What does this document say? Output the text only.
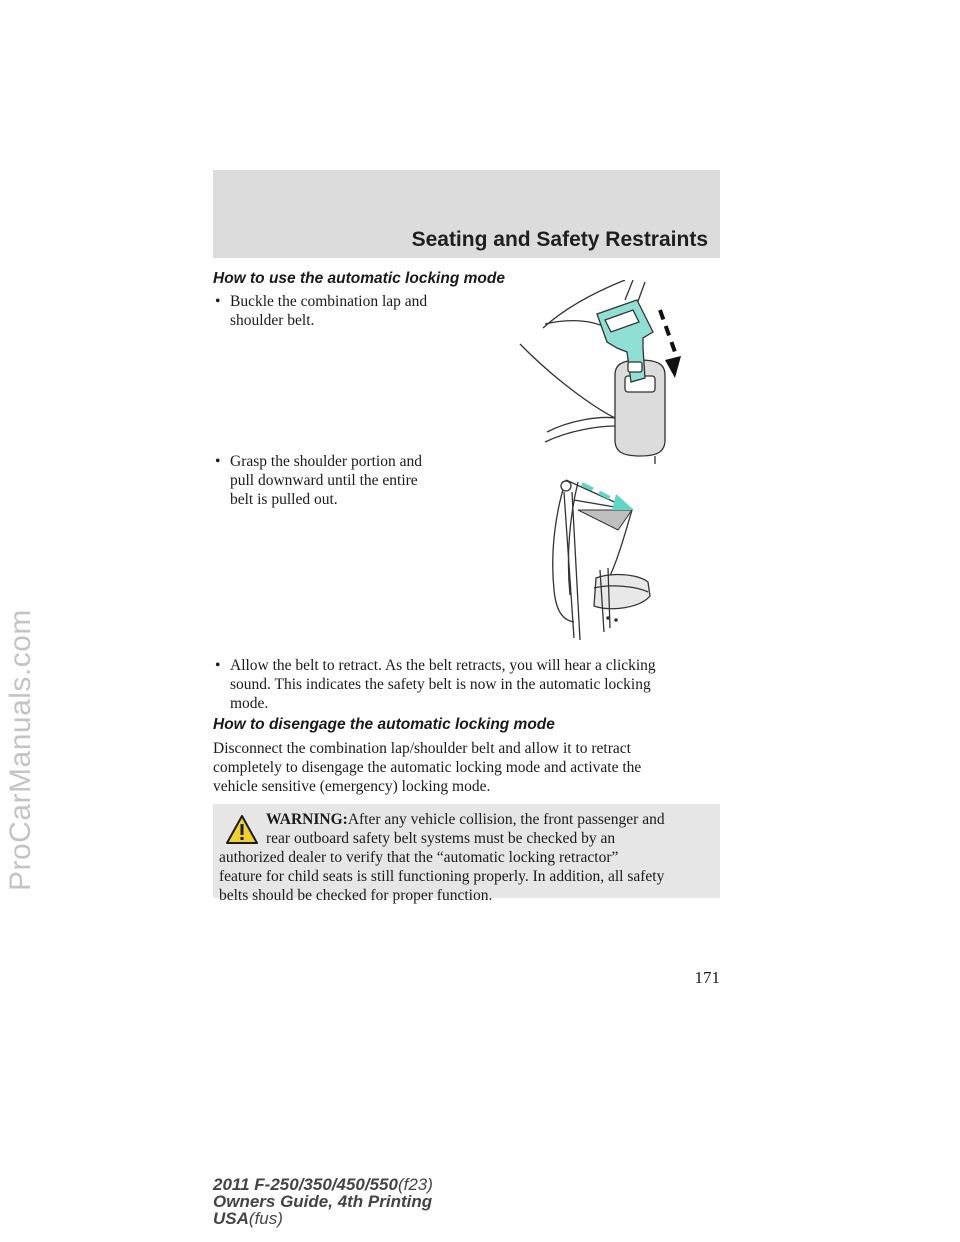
ProCarManuals.com
Seating and Safety Restraints
How to use the automatic locking mode
• Buckle the combination lap and
shoulder belt.
• Grasp the shoulder portion and
pull downward until the entire
belt is pulled out.
• Allow the belt to retract. As the belt retracts, you will hear a clicking
sound. This indicates the safety belt is now in the automatic locking
mode.
How to disengage the automatic locking mode

Disconnect the combination lap/shoulder belt and allow it to retract
completely to disengage the automatic locking mode and activate the
vehicle sensitive (emergency) locking mode.

WARNING:After any vehicle collision, the front passenger and
rear outboard safety belt systems must be checked by an
authorized dealer to verify that the “automatic locking retractor”
feature for child seats is still functioning properly. In addition, all safety
belts should be checked for proper function.

171
2011 F-250/350/450/550(f23)
Owners Guide, 4th Printing
USA(fus)
